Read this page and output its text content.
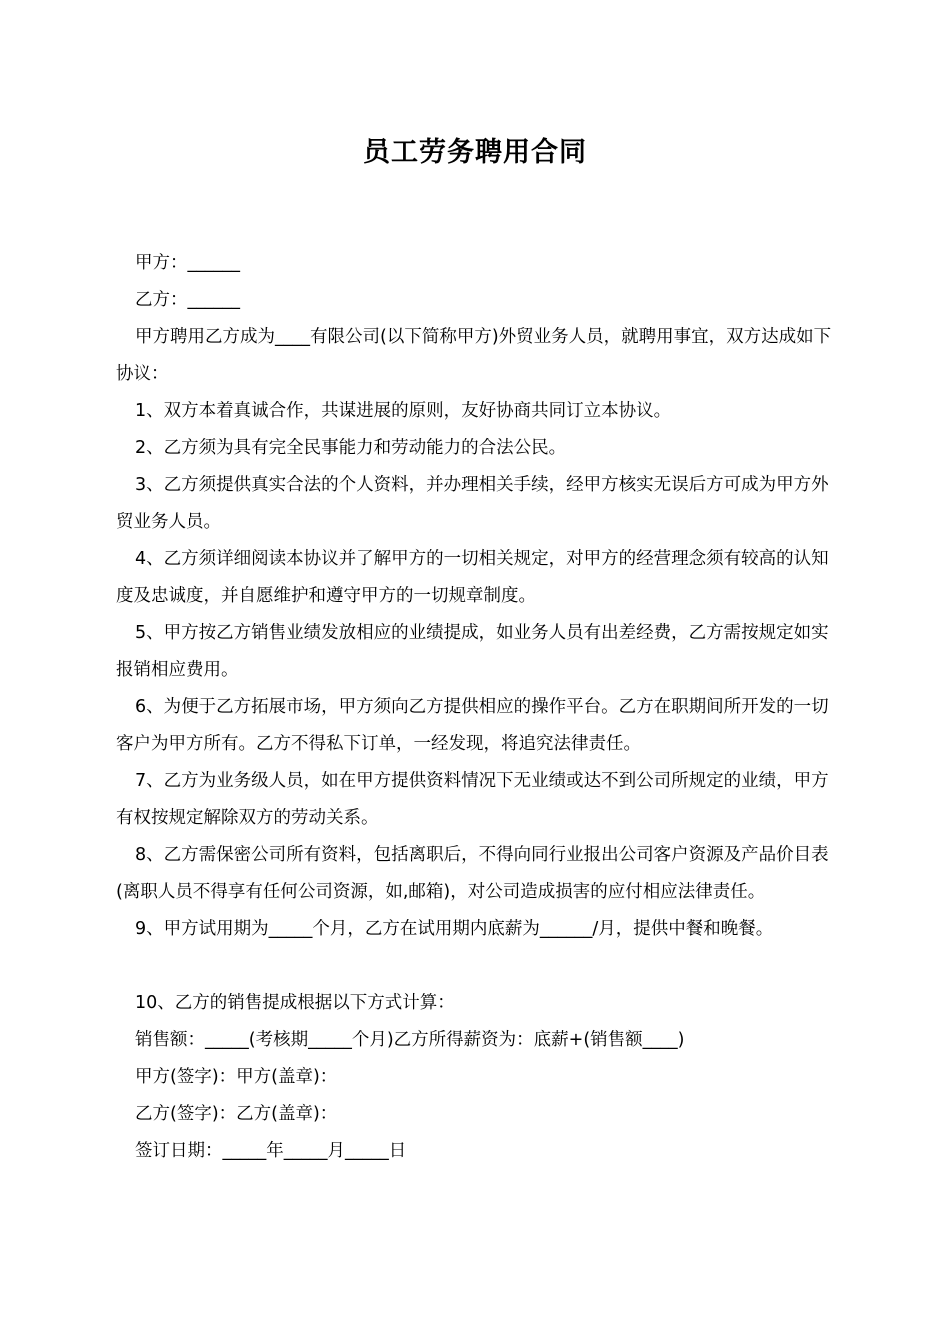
员工劳务聘用合同

甲方：______

乙方：______

甲方聘用乙方成为____有限公司(以下简称甲方)外贸业务人员，就聘用事宜，双方达成如下协议：

1、双方本着真诚合作，共谋进展的原则，友好协商共同订立本协议。

2、乙方须为具有完全民事能力和劳动能力的合法公民。

3、乙方须提供真实合法的个人资料，并办理相关手续，经甲方核实无误后方可成为甲方外贸业务人员。

4、乙方须详细阅读本协议并了解甲方的一切相关规定，对甲方的经营理念须有较高的认知度及忠诚度，并自愿维护和遵守甲方的一切规章制度。

5、甲方按乙方销售业绩发放相应的业绩提成，如业务人员有出差经费，乙方需按规定如实报销相应费用。

6、为便于乙方拓展市场，甲方须向乙方提供相应的操作平台。乙方在职期间所开发的一切客户为甲方所有。乙方不得私下订单，一经发现，将追究法律责任。

7、乙方为业务级人员，如在甲方提供资料情况下无业绩或达不到公司所规定的业绩，甲方有权按规定解除双方的劳动关系。

8、乙方需保密公司所有资料，包括离职后，不得向同行业报出公司客户资源及产品价目表(离职人员不得享有任何公司资源，如,邮箱)，对公司造成损害的应付相应法律责任。

9、甲方试用期为_____个月，乙方在试用期内底薪为______/月，提供中餐和晚餐。

10、乙方的销售提成根据以下方式计算：

销售额：_____(考核期_____个月)乙方所得薪资为：底薪+(销售额____)

甲方(签字)：甲方(盖章)：

乙方(签字)：乙方(盖章)：

签订日期：_____年_____月_____日
